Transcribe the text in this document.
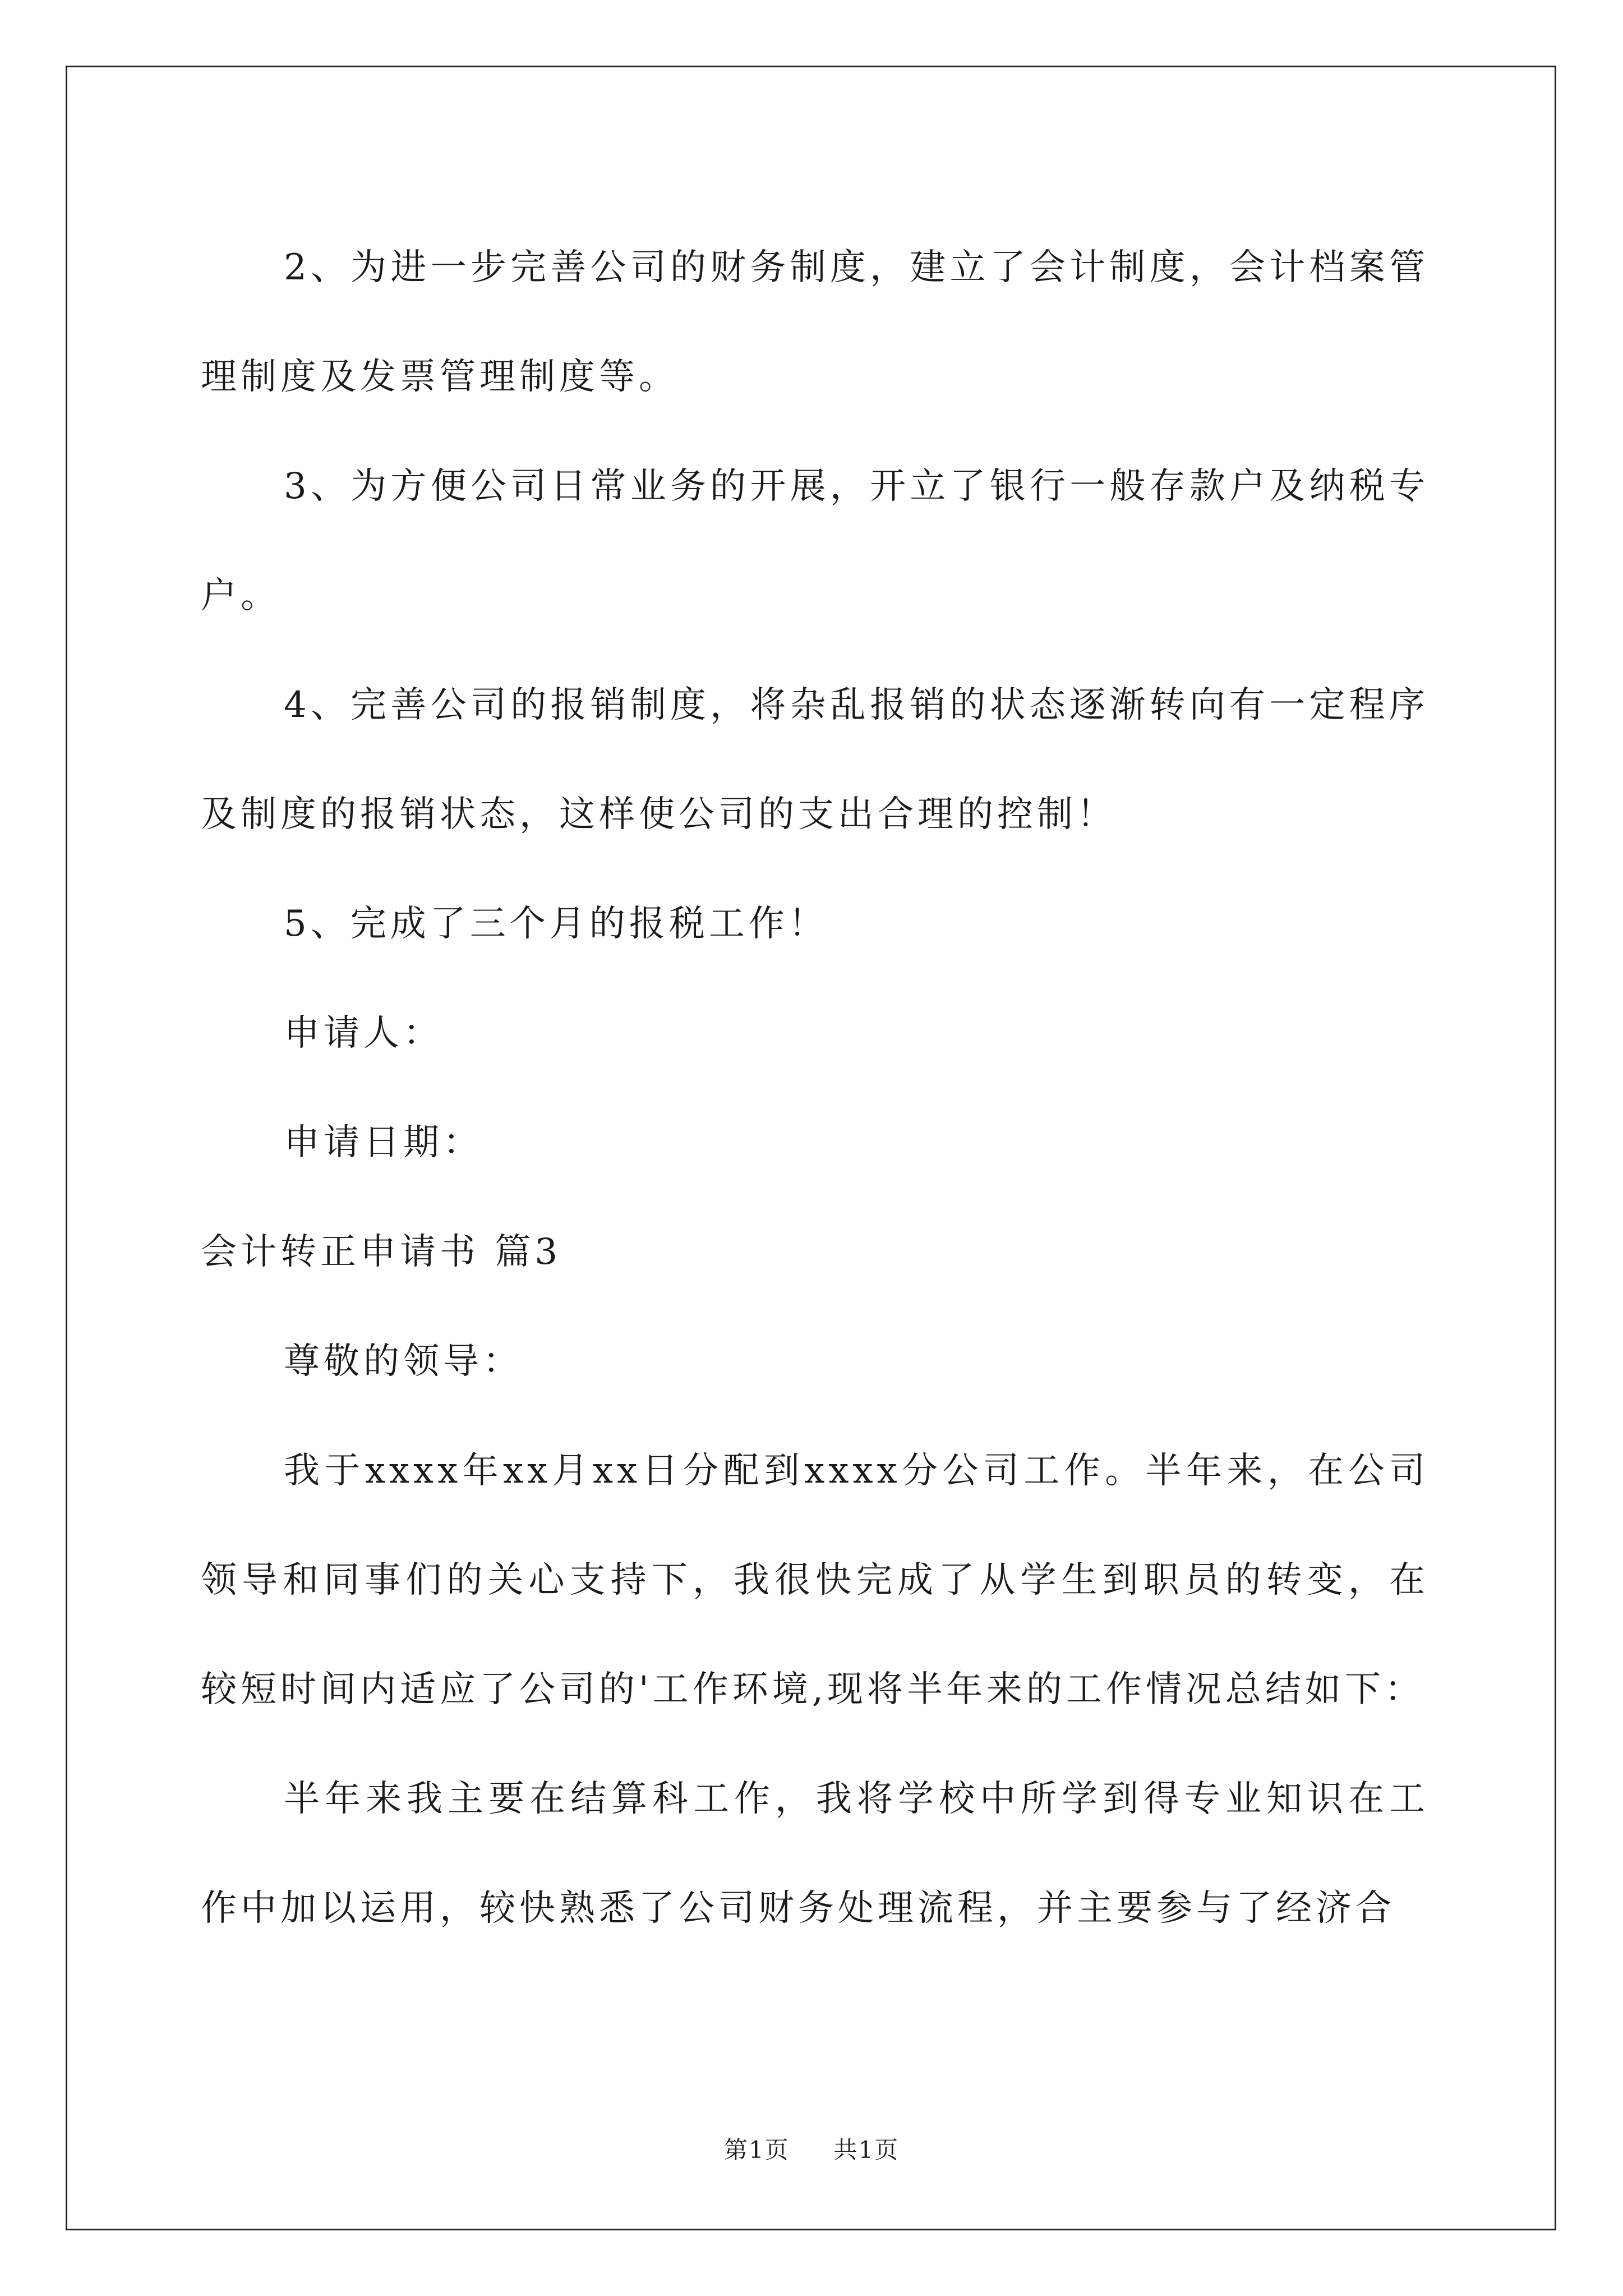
2、为进一步完善公司的财务制度，建立了会计制度，会计档案管理制度及发票管理制度等。

3、为方便公司日常业务的开展，开立了银行一般存款户及纳税专户。

4、完善公司的报销制度，将杂乱报销的状态逐渐转向有一定程序及制度的报销状态，这样使公司的支出合理的控制！

5、完成了三个月的报税工作！

申请人：

申请日期：

会计转正申请书 篇3

尊敬的领导：

我于xxxx年xx月xx日分配到xxxx分公司工作。半年来，在公司领导和同事们的关心支持下，我很快完成了从学生到职员的转变，在较短时间内适应了公司的'工作环境,现将半年来的工作情况总结如下：

半年来我主要在结算科工作，我将学校中所学到得专业知识在工作中加以运用，较快熟悉了公司财务处理流程，并主要参与了经济合

第1页 共1页
